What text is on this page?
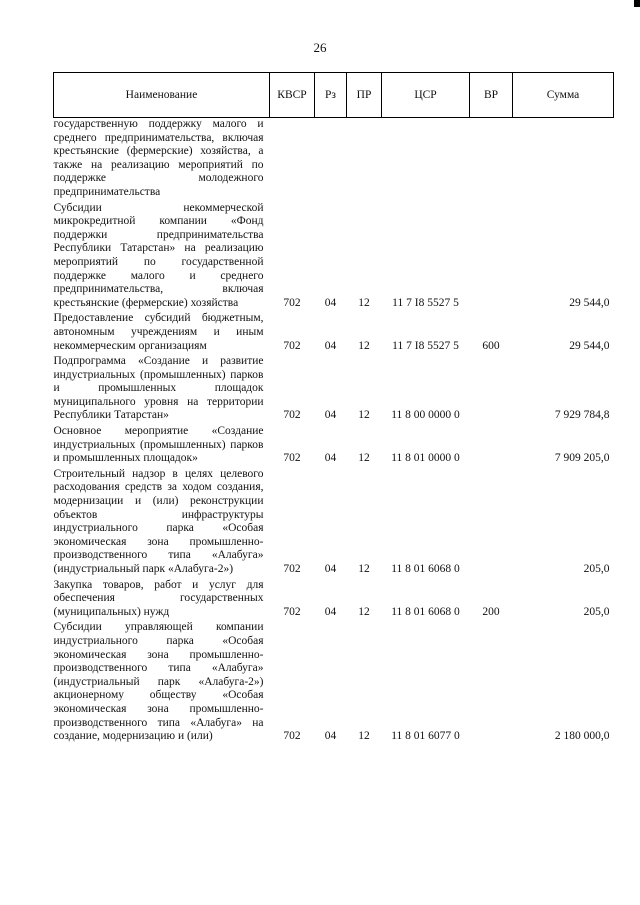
26
Наименование	КВСР	Рз	ПР	ЦСР	ВР	Сумма
государственную поддержку малого и среднего предпринимательства, включая крестьянские (фермерские) хозяйства, а также на реализацию мероприятий по поддержке молодежного предпринимательства						
Субсидии некоммерческой микрокредитной компании «Фонд поддержки предпринимательства Республики Татарстан» на реализацию мероприятий по государственной поддержке малого и среднего предпринимательства, включая крестьянские (фермерские) хозяйства	702	04	12	11 7 I8 5527 5		29 544,0
Предоставление субсидий бюджетным, автономным учреждениям и иным некоммерческим организациям	702	04	12	11 7 I8 5527 5	600	29 544,0
Подпрограмма «Создание и развитие индустриальных (промышленных) парков и промышленных площадок муниципального уровня на территории Республики Татарстан»	702	04	12	11 8 00 0000 0		7 929 784,8
Основное мероприятие «Создание индустриальных (промышленных) парков и промышленных площадок»	702	04	12	11 8 01 0000 0		7 909 205,0
Строительный надзор в целях целевого расходования средств за ходом создания, модернизации и (или) реконструкции объектов инфраструктуры индустриального парка «Особая экономическая зона промышленно-производственного типа «Алабуга» (индустриальный парк «Алабуга-2»)	702	04	12	11 8 01 6068 0		205,0
Закупка товаров, работ и услуг для обеспечения государственных (муниципальных) нужд	702	04	12	11 8 01 6068 0	200	205,0
Субсидии управляющей компании индустриального парка «Особая экономическая зона промышленно-производственного типа «Алабуга» (индустриальный парк «Алабуга-2») акционерному обществу «Особая экономическая зона промышленно-производственного типа «Алабуга» на создание, модернизацию и (или)	702	04	12	11 8 01 6077 0		2 180 000,0
